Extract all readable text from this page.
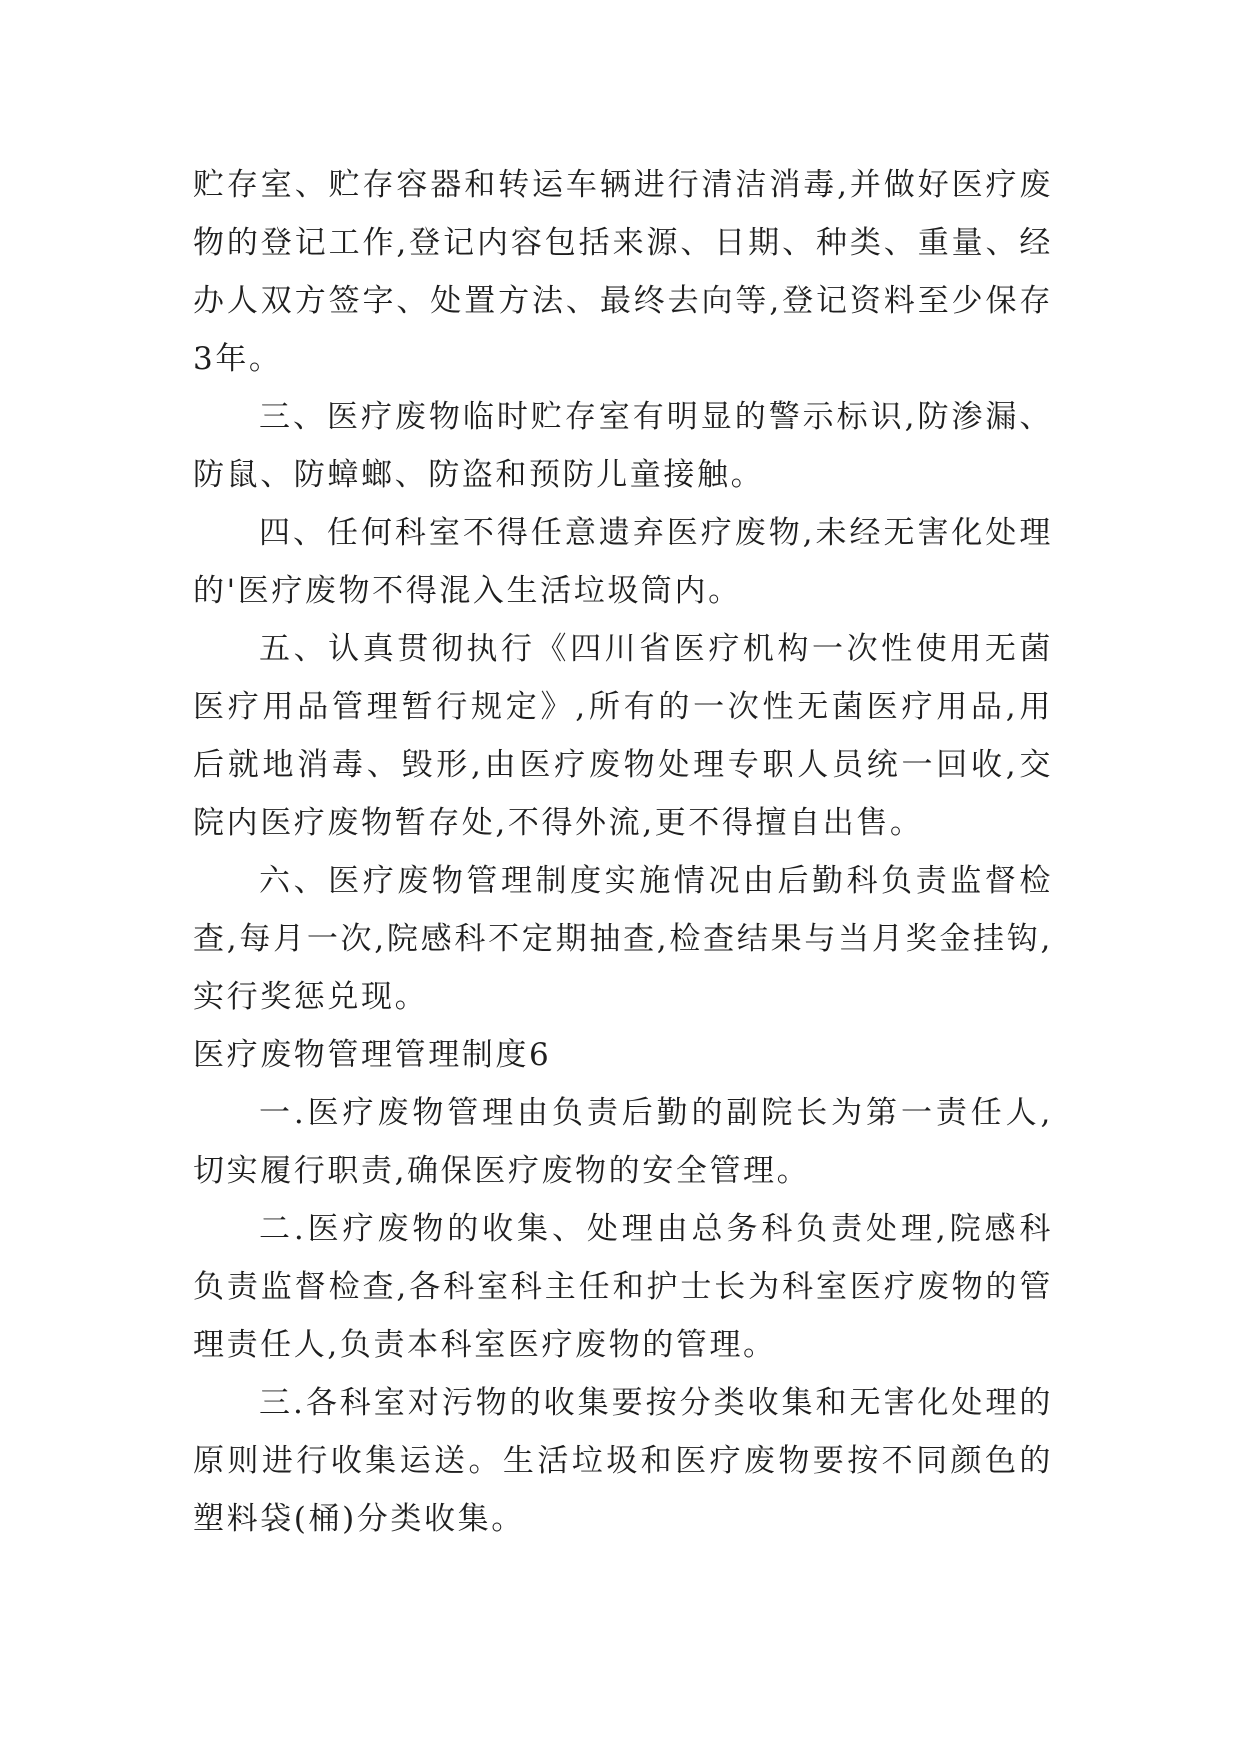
贮存室、贮存容器和转运车辆进行清洁消毒,并做好医疗废物的登记工作,登记内容包括来源、日期、种类、重量、经办人双方签字、处置方法、最终去向等,登记资料至少保存3年。

三、医疗废物临时贮存室有明显的警示标识,防渗漏、防鼠、防蟑螂、防盗和预防儿童接触。

四、任何科室不得任意遗弃医疗废物,未经无害化处理的'医疗废物不得混入生活垃圾筒内。

五、认真贯彻执行《四川省医疗机构一次性使用无菌医疗用品管理暂行规定》,所有的一次性无菌医疗用品,用后就地消毒、毁形,由医疗废物处理专职人员统一回收,交院内医疗废物暂存处,不得外流,更不得擅自出售。

六、医疗废物管理制度实施情况由后勤科负责监督检查,每月一次,院感科不定期抽查,检查结果与当月奖金挂钩,实行奖惩兑现。

医疗废物管理管理制度6

一.医疗废物管理由负责后勤的副院长为第一责任人,切实履行职责,确保医疗废物的安全管理。

二.医疗废物的收集、处理由总务科负责处理,院感科负责监督检查,各科室科主任和护士长为科室医疗废物的管理责任人,负责本科室医疗废物的管理。

三.各科室对污物的收集要按分类收集和无害化处理的原则进行收集运送。生活垃圾和医疗废物要按不同颜色的塑料袋(桶)分类收集。
